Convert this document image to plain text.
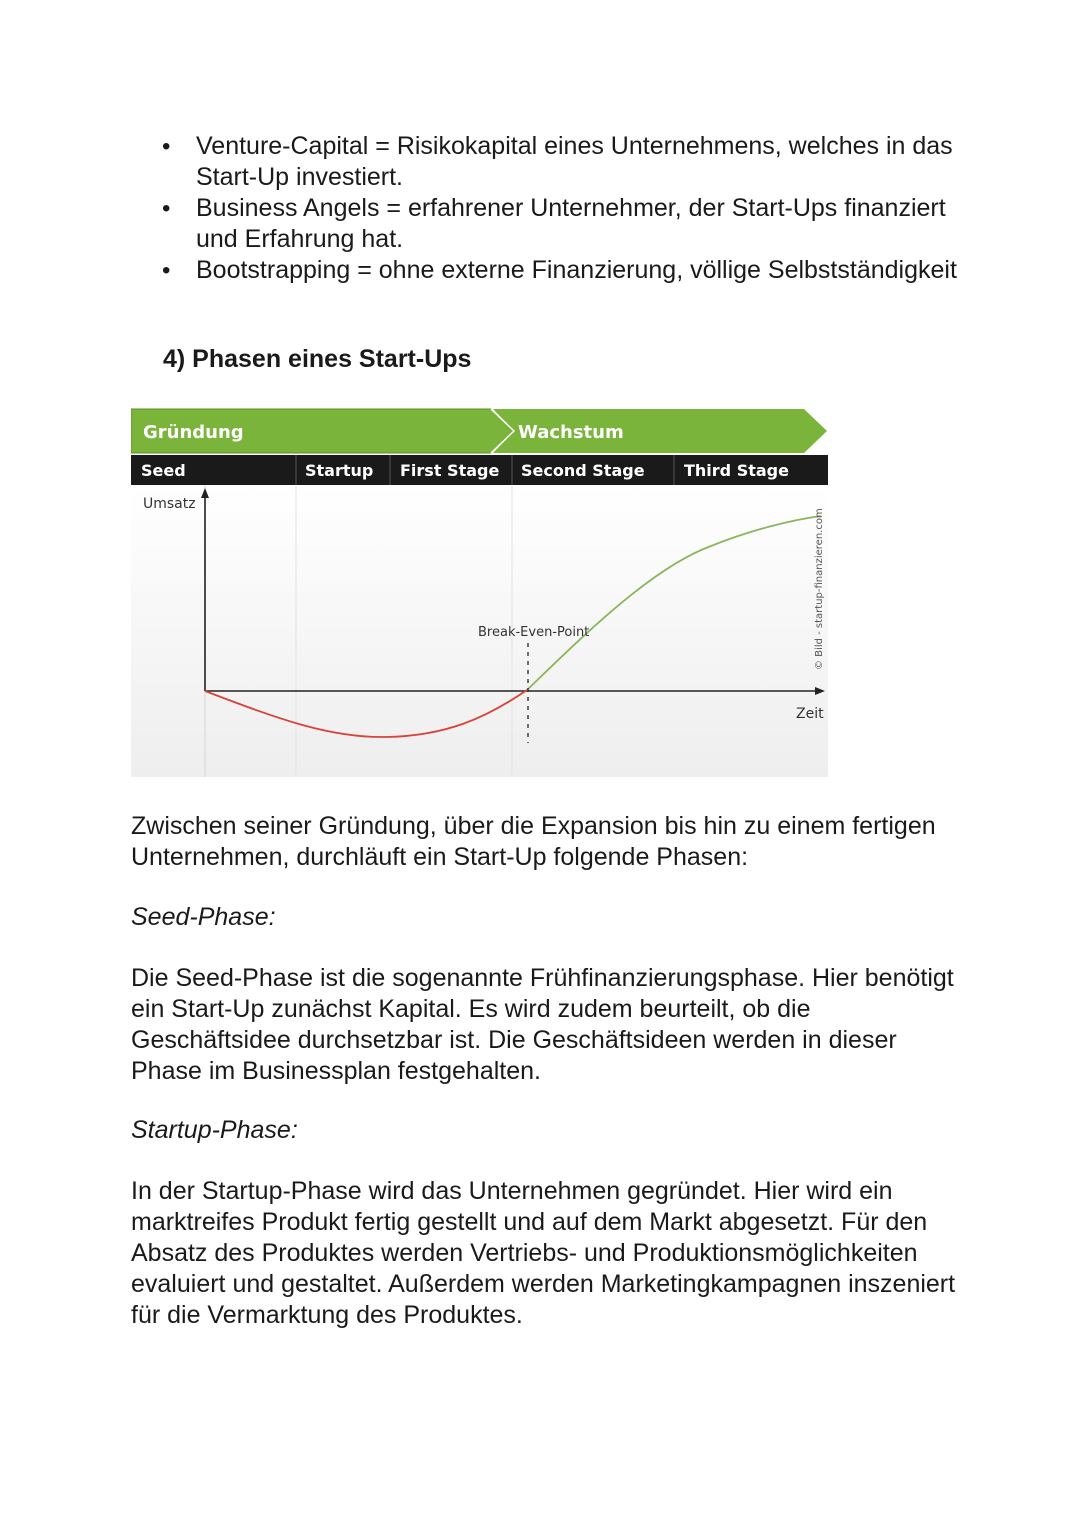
• Venture-Capital = Risikokapital eines Unternehmens, welches in das Start-Up investiert.
• Business Angels = erfahrener Unternehmer, der Start-Ups finanziert und Erfahrung hat.
• Bootstrapping = ohne externe Finanzierung, völlige Selbstständigkeit
4) Phasen eines Start-Ups
Gründung	Wachstum
Seed	Startup First Stage Second Stage Third Stage
Umsatz
Zeit
Break-Even-Point	© Bild - startup-finanzieren.com

Zwischen seiner Gründung, über die Expansion bis hin zu einem fertigen Unternehmen, durchläuft ein Start-Up folgende Phasen:

Seed-Phase:

Die Seed-Phase ist die sogenannte Frühfinanzierungsphase. Hier benötigt ein Start-Up zunächst Kapital. Es wird zudem beurteilt, ob die Geschäftsidee durchsetzbar ist. Die Geschäftsideen werden in dieser Phase im Businessplan festgehalten.

Startup-Phase:

In der Startup-Phase wird das Unternehmen gegründet. Hier wird ein marktreifes Produkt fertig gestellt und auf dem Markt abgesetzt. Für den Absatz des Produktes werden Vertriebs- und Produktionsmöglichkeiten evaluiert und gestaltet. Außerdem werden Marketingkampagnen inszeniert für die Vermarktung des Produktes.
